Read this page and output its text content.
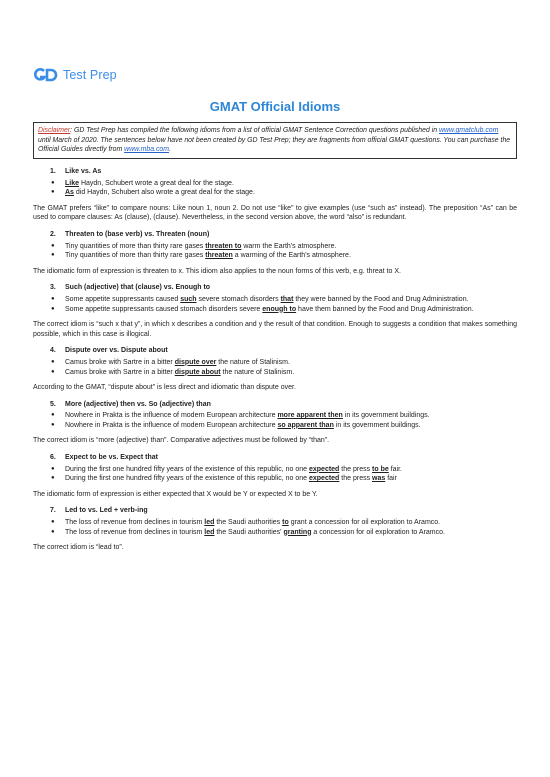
Test Prep
GMAT Official Idioms
Disclaimer: GD Test Prep has compiled the following idioms from a list of official GMAT Sentence Correction questions published in www.gmatclub.com until March of 2020. The sentences below have not been created by GD Test Prep; they are fragments from official GMAT questions. You can purchase the Official Guides directly from www.mba.com.
1.	Like vs. As
● Like Haydn, Schubert wrote a great deal for the stage.
● As did Haydn, Schubert also wrote a great deal for the stage.
The GMAT prefers “like” to compare nouns: Like noun 1, noun 2. Do not use “like” to give examples (use “such as” instead). The preposition “As” can be used to compare clauses: As (clause), (clause). Nevertheless, in the second version above, the word “also” is redundant.
2.	Threaten to (base verb) vs. Threaten (noun)
● Tiny quantities of more than thirty rare gases threaten to warm the Earth's atmosphere.
● Tiny quantities of more than thirty rare gases threaten a warming of the Earth's atmosphere.
The idiomatic form of expression is threaten to x. This idiom also applies to the noun forms of this verb, e.g. threat to X.
3.	Such (adjective) that (clause) vs. Enough to
● Some appetite suppressants caused such severe stomach disorders that they were banned by the Food and Drug Administration.
● Some appetite suppressants caused stomach disorders severe enough to have them banned by the Food and Drug Administration.
The correct idiom is “such x that y”, in which x describes a condition and y the result of that condition. Enough to suggests a condition that makes something possible, which in this case is illogical.
4.	Dispute over vs. Dispute about
● Camus broke with Sartre in a bitter dispute over the nature of Stalinism.
● Camus broke with Sartre in a bitter dispute about the nature of Stalinism.
According to the GMAT, “dispute about” is less direct and idiomatic than dispute over.
5.	More (adjective) then vs. So (adjective) than
● Nowhere in Prakta is the influence of modern European architecture more apparent then in its government buildings.
● Nowhere in Prakta is the influence of modern European architecture so apparent than in its government buildings.
The correct idiom is “more (adjective) than”. Comparative adjectives must be followed by “than”.
6.	Expect to be vs. Expect that
● During the first one hundred fifty years of the existence of this republic, no one expected the press to be fair.
● During the first one hundred fifty years of the existence of this republic, no one expected the press was fair
The idiomatic form of expression is either expected that X would be Y or expected X to be Y.
7.	Led to vs. Led + verb-ing
● The loss of revenue from declines in tourism led the Saudi authorities to grant a concession for oil exploration to Aramco.
● The loss of revenue from declines in tourism led the Saudi authorities' granting a concession for oil exploration to Aramco.
The correct idiom is “lead to”.
